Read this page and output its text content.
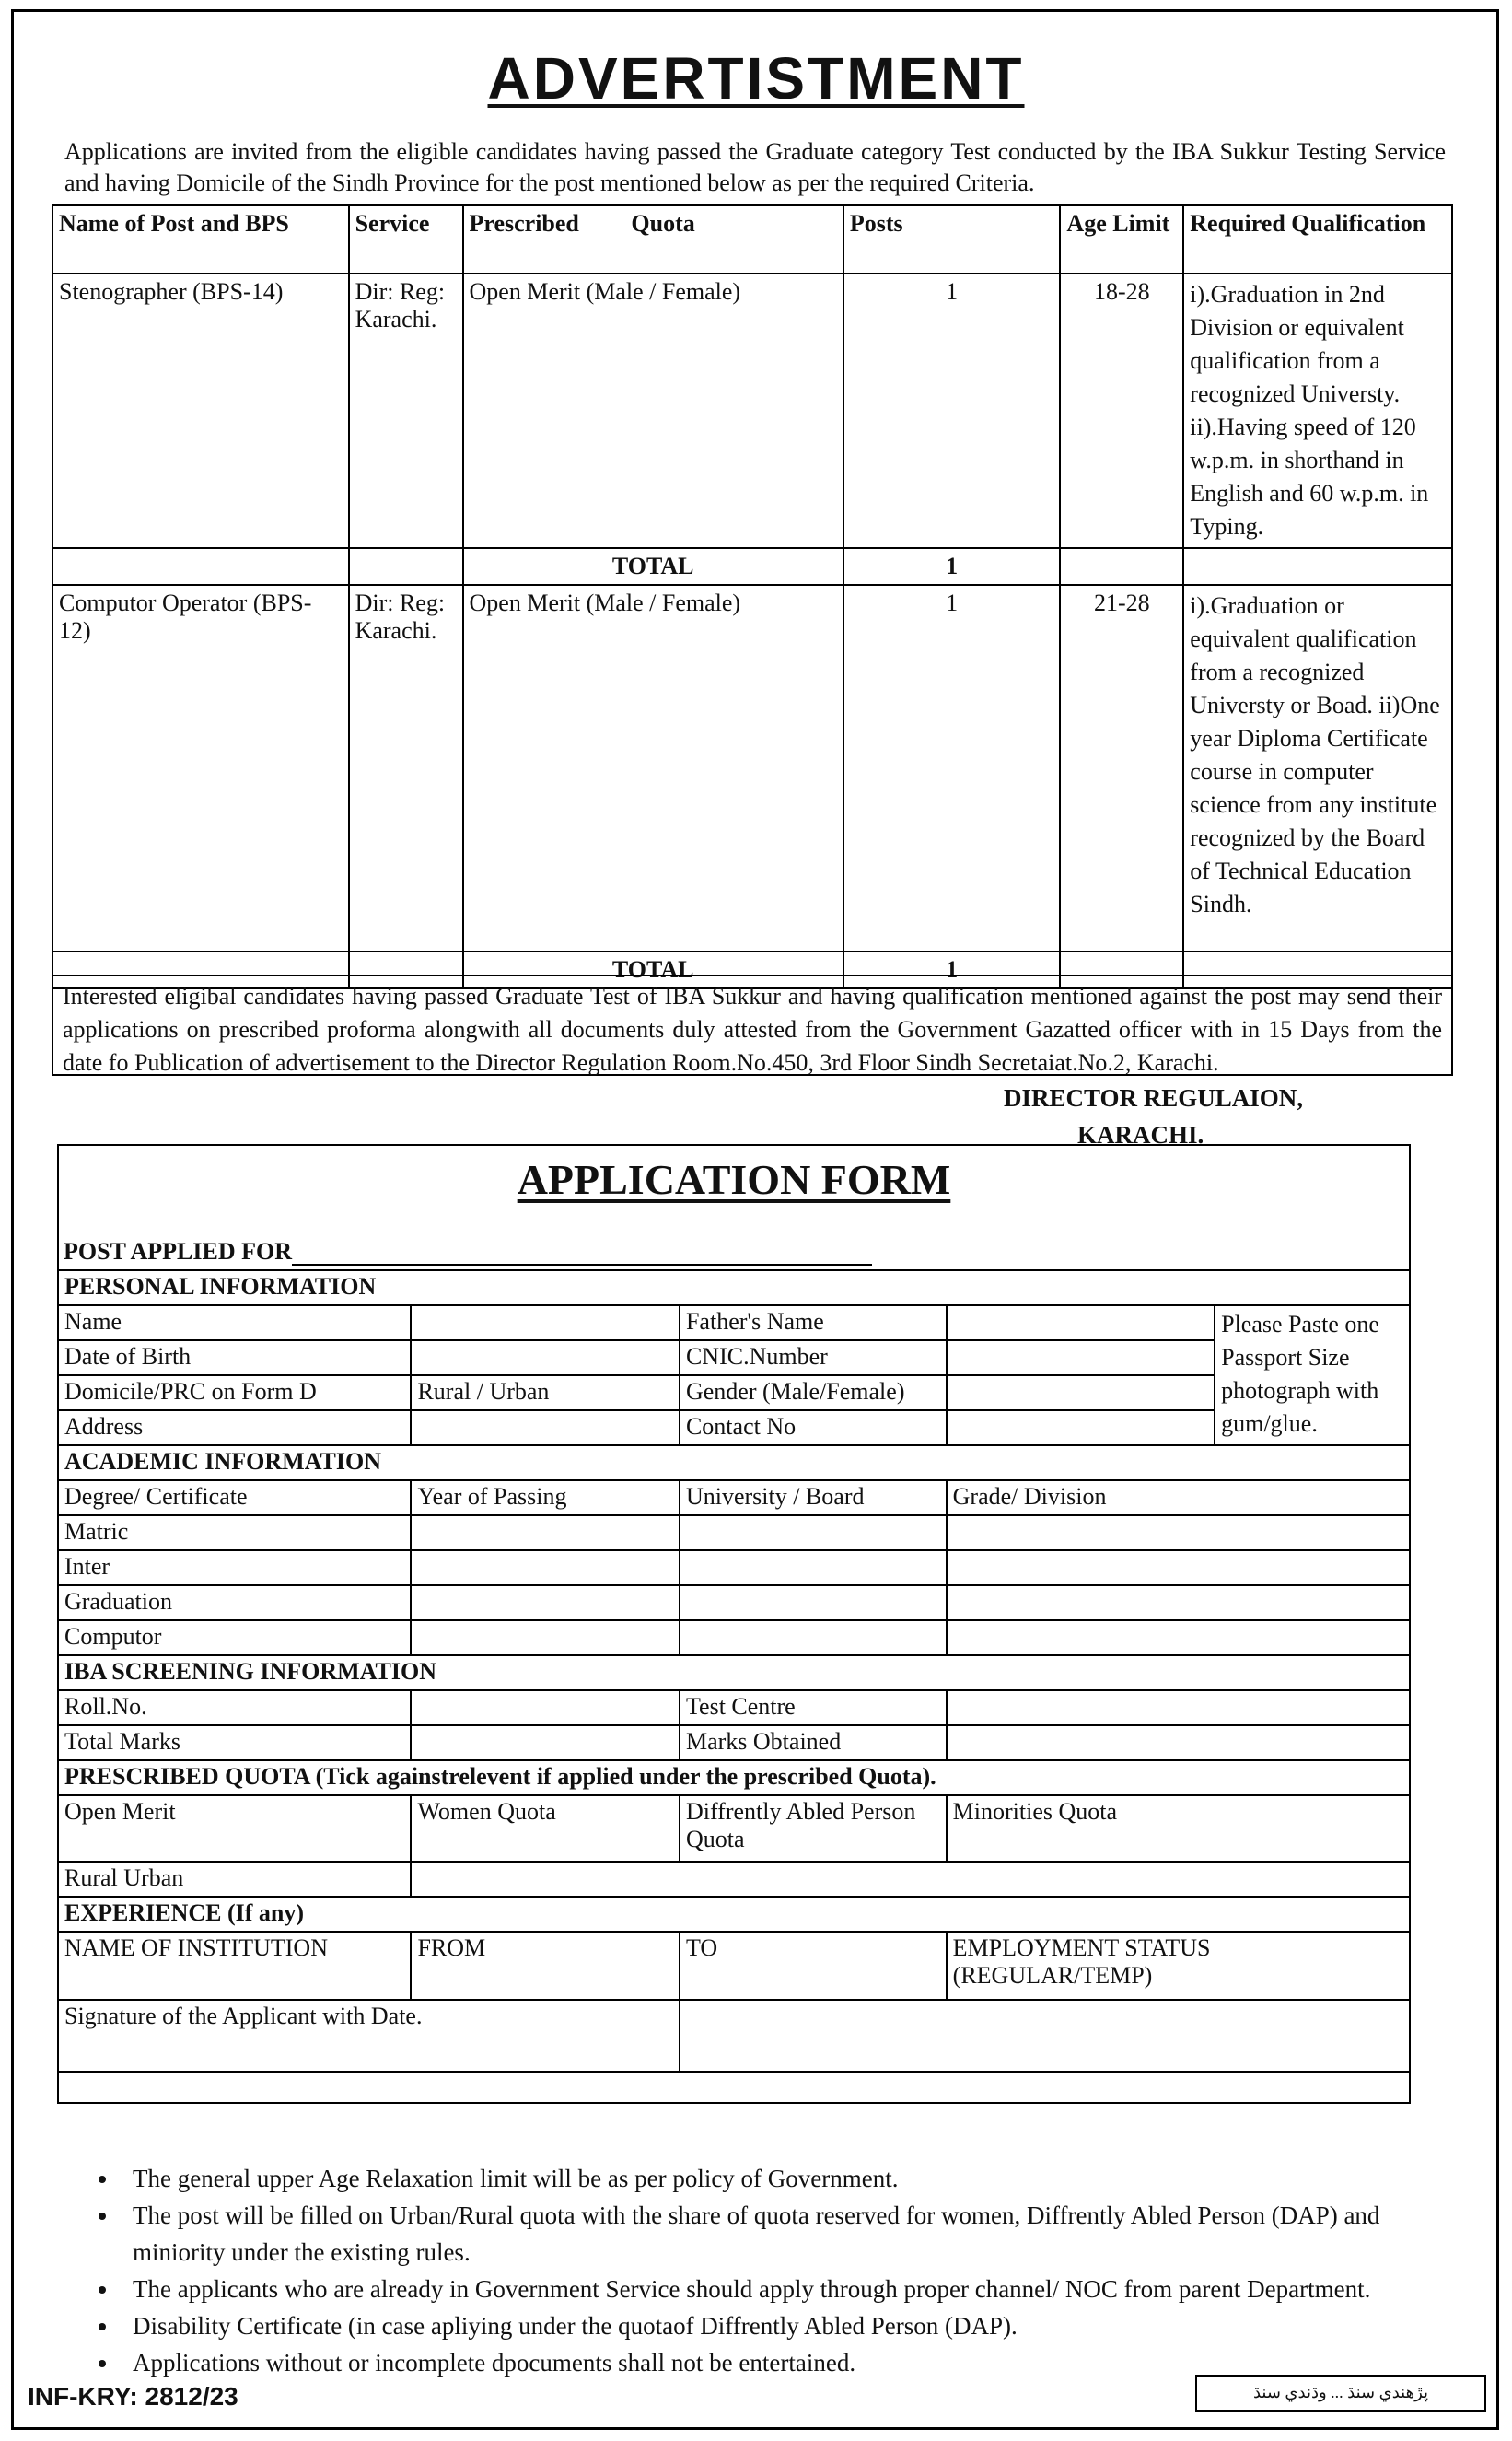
ADVERTISTMENT
Applications are invited from the eligible candidates having passed the Graduate category Test conducted by the IBA Sukkur Testing Service and having Domicile of the Sindh Province for the post mentioned below as per the required Criteria.
Name of Post and BPS	Service	Prescribed Quota	Posts	Age Limit	Required Qualification
Stenographer (BPS-14)	Dir: Reg: Karachi.	Open Merit (Male / Female)	1	18-28	i).Graduation in 2nd Division or equivalent qualification from a recognized Universty. ii).Having speed of 120 w.p.m. in shorthand in English and 60 w.p.m. in Typing.
		TOTAL	1		
Computor Operator (BPS-12)	Dir: Reg: Karachi.	Open Merit (Male / Female)	1	21-28	i).Graduation or equivalent qualification from a recognized Universty or Boad. ii)One year Diploma Certificate course in computer science from any institute recognized by the Board of Technical Education Sindh.
		TOTAL	1		
Interested eligibal candidates having passed Graduate Test of IBA Sukkur and having qualification mentioned against the post may send their applications on prescribed proforma alongwith all documents duly attested from the Government Gazatted officer with in 15 Days from the date fo Publication of advertisement to the Director Regulation Room.No.450, 3rd Floor Sindh Secretaiat.No.2, Karachi.
DIRECTOR REGULAION,
KARACHI.
APPLICATION FORM
POST APPLIED FOR				
PERSONAL INFORMATION				
Name		Father's Name		Please Paste one Passport Size photograph with gum/glue.
Date of Birth		CNIC.Number		
Domicile/PRC on Form D	Rural / Urban	Gender (Male/Female)		
Address		Contact No		
ACADEMIC INFORMATION				
Degree/ Certificate	Year of Passing	University / Board	Grade/ Division	
Matric				
Inter				
Graduation				
Computor				
IBA SCREENING INFORMATION				
Roll.No.		Test Centre		
Total Marks		Marks Obtained		
PRESCRIBED QUOTA (Tick againstrelevent if applied under the prescribed Quota).				
Open Merit	Women Quota	Diffrently Abled Person Quota	Minorities Quota	
Rural Urban				
EXPERIENCE (If any)				
NAME OF INSTITUTION	FROM	TO	EMPLOYMENT STATUS (REGULAR/TEMP)	
Signature of the Applicant with Date.				
• The general upper Age Relaxation limit will be as per policy of Government.
• The post will be filled on Urban/Rural quota with the share of quota reserved for women, Diffrently Abled Person (DAP) and miniority under the existing rules.
• The applicants who are already in Government Service should apply through proper channel/ NOC from parent Department.
• Disability Certificate (in case apliying under the quotaof Diffrently Abled Person (DAP).
• Applications without or incomplete dpocuments shall not be entertained.
INF-KRY: 2812/23	پڙهندي سنڌ ... وڌندي سنڌ
